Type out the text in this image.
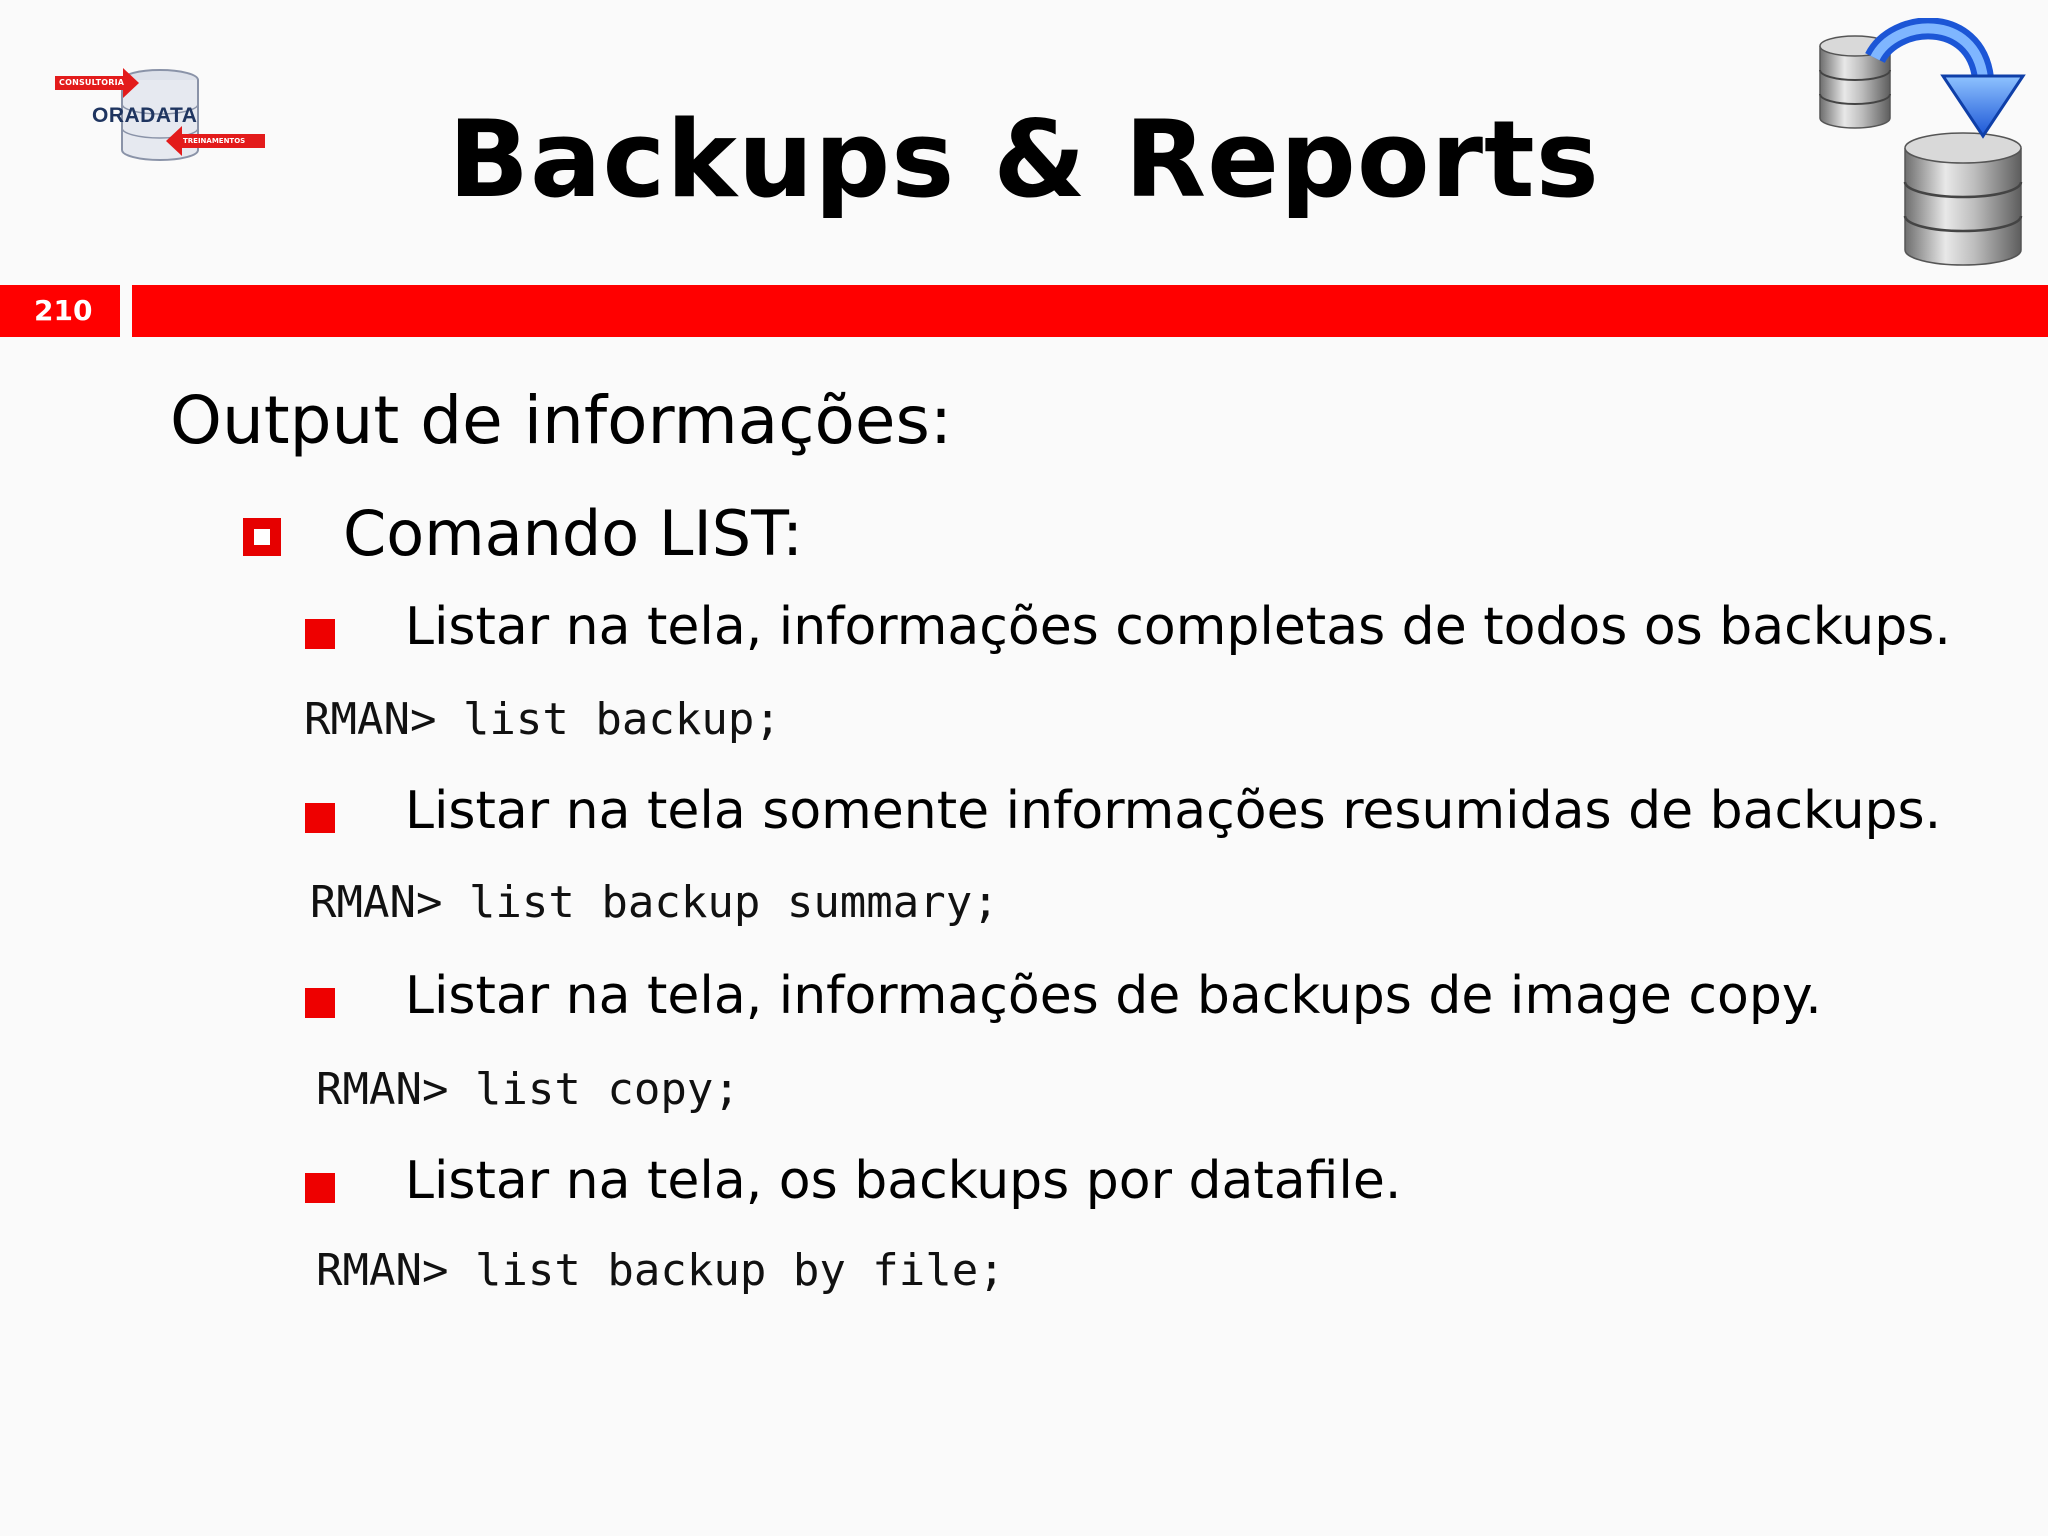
CONSULTORIA
ORADATA
TREINAMENTOS	Backups & Reports
210
Output de informações:
Comando LIST:
Listar na tela, informações completas de todos os backups.
RMAN> list backup;
Listar na tela somente informações resumidas de backups.
RMAN> list backup summary;
Listar na tela, informações de backups de image copy.
RMAN> list copy;
Listar na tela, os backups por datafile.
RMAN> list backup by file;
